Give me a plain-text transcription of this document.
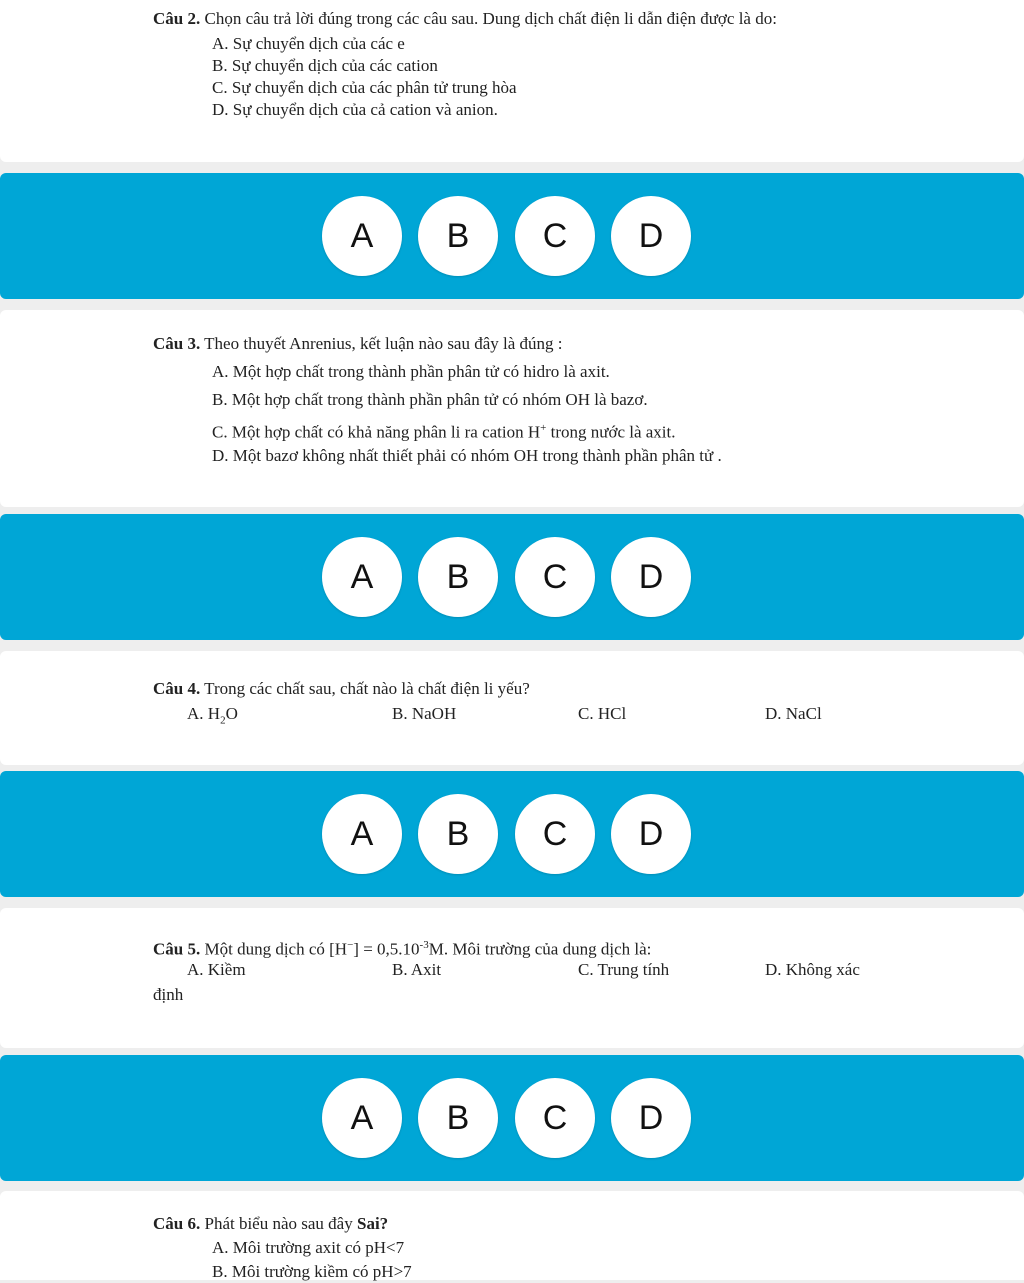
Câu 2. Chọn câu trả lời đúng trong các câu sau. Dung dịch chất điện li dẫn điện được là do:
A. Sự chuyển dịch của các e
B. Sự chuyển dịch của các cation
C. Sự chuyển dịch của các phân tử trung hòa
D. Sự chuyển dịch của cả cation và anion.
A	B	C	D
Câu 3. Theo thuyết Anrenius, kết luận nào sau đây là đúng :
A. Một hợp chất trong thành phần phân tử có hidro là axit.
B. Một hợp chất trong thành phần phân tử có nhóm OH là bazơ.
C. Một hợp chất có khả năng phân li ra cation H+ trong nước là axit.
D. Một bazơ không nhất thiết phải có nhóm OH trong thành phần phân tử .
A	B	C	D
Câu 4. Trong các chất sau, chất nào là chất điện li yếu?
A. $H_2O$	B. NaOH	C. HCl	D. NaCl
A	B	C	D
Câu 5. Một dung dịch có $[H^-] = 0,5.10^{-3}M$. Môi trường của dung dịch là:
A. Kiềm	B. Axit	C. Trung tính	D. Không xác
định
A	B	C	D
Câu 6. Phát biểu nào sau đây Sai?
A. Môi trường axit có pH<7
B. Môi trường kiềm có pH>7
